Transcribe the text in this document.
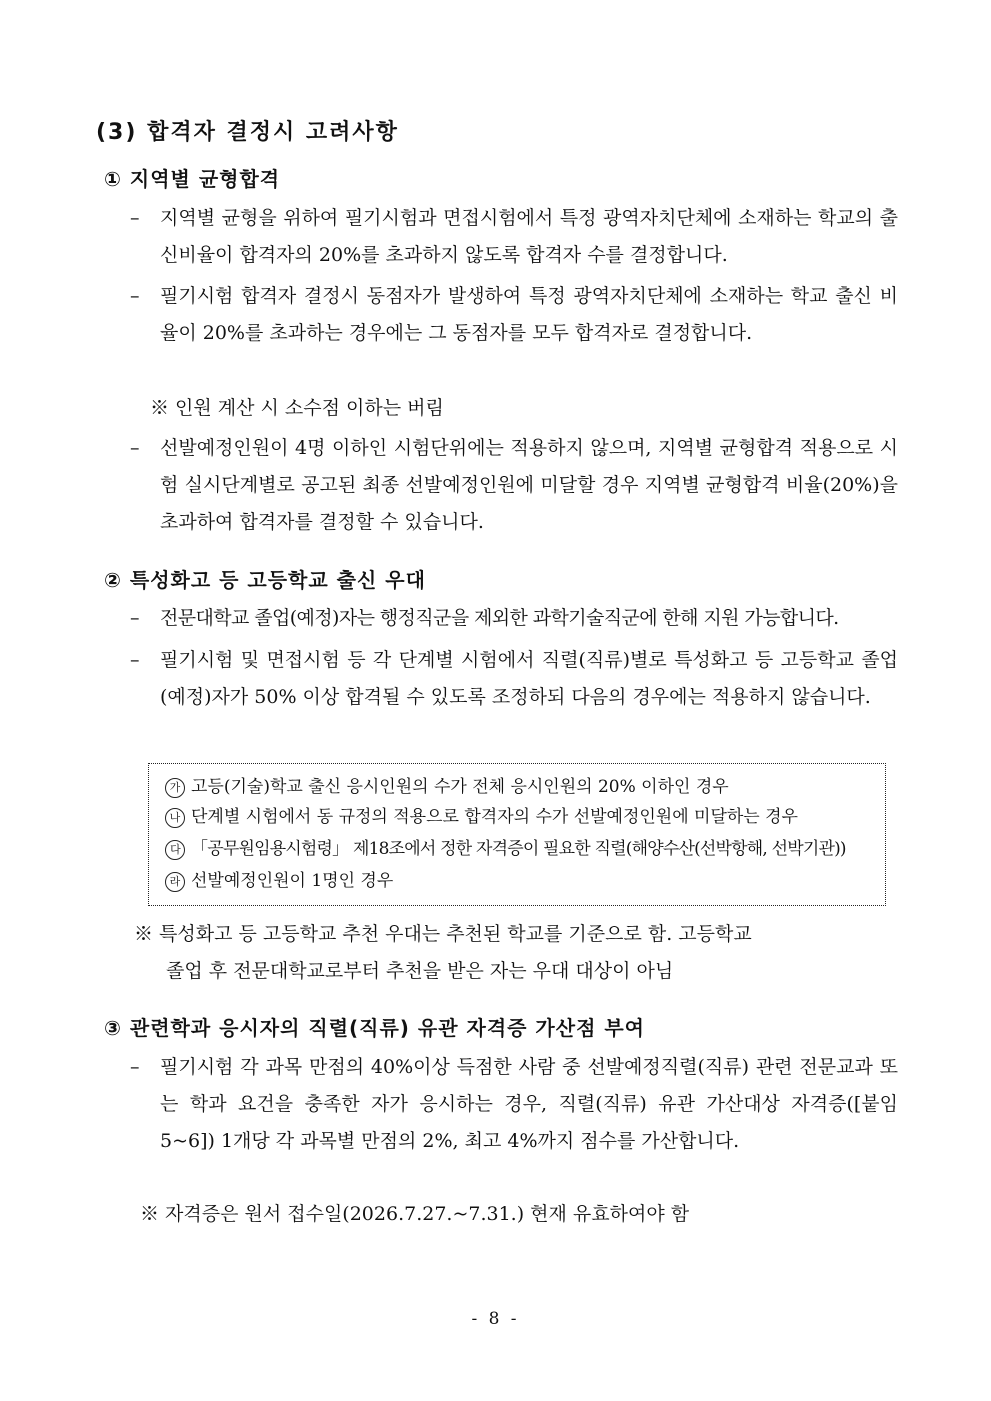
(3) 합격자 결정시 고려사항
① 지역별 균형합격
–	지역별 균형을 위하여 필기시험과 면접시험에서 특정 광역자치단체에 소재하는 학교의 출신비율이 합격자의 20%를 초과하지 않도록 합격자 수를 결정합니다.
–	필기시험 합격자 결정시 동점자가 발생하여 특정 광역자치단체에 소재하는 학교 출신 비율이 20%를 초과하는 경우에는 그 동점자를 모두 합격자로 결정합니다.
※ 인원 계산 시 소수점 이하는 버림
–	선발예정인원이 4명 이하인 시험단위에는 적용하지 않으며, 지역별 균형합격 적용으로 시험 실시단계별로 공고된 최종 선발예정인원에 미달할 경우 지역별 균형합격 비율(20%)을 초과하여 합격자를 결정할 수 있습니다.
② 특성화고 등 고등학교 출신 우대
–	전문대학교 졸업(예정)자는 행정직군을 제외한 과학기술직군에 한해 지원 가능합니다.
–	필기시험 및 면접시험 등 각 단계별 시험에서 직렬(직류)별로 특성화고 등 고등학교 졸업(예정)자가 50% 이상 합격될 수 있도록 조정하되 다음의 경우에는 적용하지 않습니다.
가 고등(기술)학교 출신 응시인원의 수가 전체 응시인원의 20% 이하인 경우
나 단계별 시험에서 동 규정의 적용으로 합격자의 수가 선발예정인원에 미달하는 경우
다 「공무원임용시험령」 제18조에서 정한 자격증이 필요한 직렬(해양수산(선박항해, 선박기관))
라 선발예정인원이 1명인 경우
※ 특성화고 등 고등학교 추천 우대는 추천된 학교를 기준으로 함. 고등학교
졸업 후 전문대학교로부터 추천을 받은 자는 우대 대상이 아님
③ 관련학과 응시자의 직렬(직류) 유관 자격증 가산점 부여
–	필기시험 각 과목 만점의 40%이상 득점한 사람 중 선발예정직렬(직류) 관련 전문교과 또는 학과 요건을 충족한 자가 응시하는 경우, 직렬(직류) 유관 가산대상 자격증([붙임 5~6]) 1개당 각 과목별 만점의 2%, 최고 4%까지 점수를 가산합니다.
※ 자격증은 원서 접수일(2026.7.27.~7.31.) 현재 유효하여야 함
- 8 -
